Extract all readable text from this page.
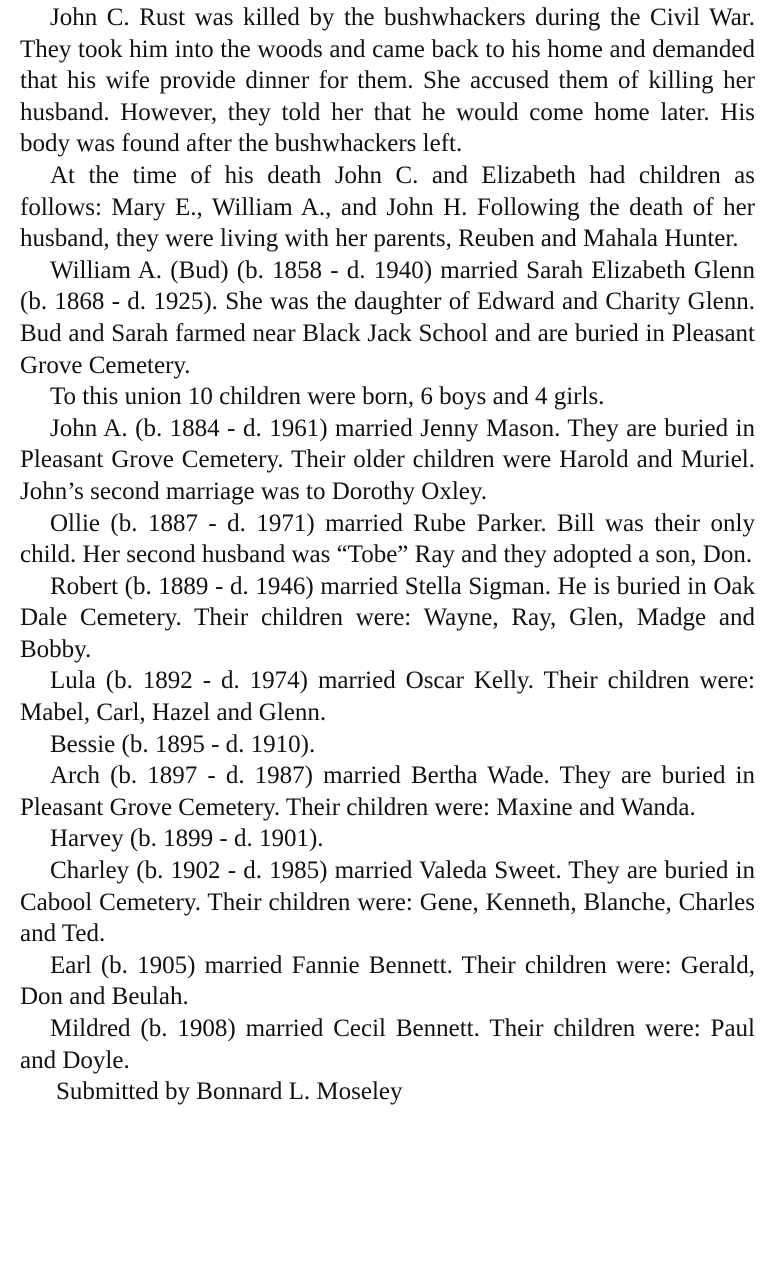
John C. Rust was killed by the bushwhackers during the Civil War. They took him into the woods and came back to his home and demanded that his wife provide dinner for them. She accused them of killing her husband. However, they told her that he would come home later. His body was found after the bushwhackers left.

At the time of his death John C. and Elizabeth had children as follows: Mary E., William A., and John H. Following the death of her husband, they were living with her parents, Reuben and Mahala Hunter.

William A. (Bud) (b. 1858 - d. 1940) married Sarah Elizabeth Glenn (b. 1868 - d. 1925). She was the daughter of Edward and Charity Glenn. Bud and Sarah farmed near Black Jack School and are buried in Pleasant Grove Cemetery.

To this union 10 children were born, 6 boys and 4 girls.

John A. (b. 1884 - d. 1961) married Jenny Mason. They are buried in Pleasant Grove Cemetery. Their older children were Harold and Muriel. John’s second marriage was to Dorothy Oxley.

Ollie (b. 1887 - d. 1971) married Rube Parker. Bill was their only child. Her second husband was “Tobe” Ray and they adopted a son, Don.

Robert (b. 1889 - d. 1946) married Stella Sigman. He is buried in Oak Dale Cemetery. Their children were: Wayne, Ray, Glen, Madge and Bobby.

Lula (b. 1892 - d. 1974) married Oscar Kelly. Their children were: Mabel, Carl, Hazel and Glenn.

Bessie (b. 1895 - d. 1910).

Arch (b. 1897 - d. 1987) married Bertha Wade. They are buried in Pleasant Grove Cemetery. Their children were: Maxine and Wanda.

Harvey (b. 1899 - d. 1901).

Charley (b. 1902 - d. 1985) married Valeda Sweet. They are buried in Cabool Cemetery. Their children were: Gene, Kenneth, Blanche, Charles and Ted.

Earl (b. 1905) married Fannie Bennett. Their children were: Gerald, Don and Beulah.

Mildred (b. 1908) married Cecil Bennett. Their children were: Paul and Doyle.

Submitted by Bonnard L. Moseley
